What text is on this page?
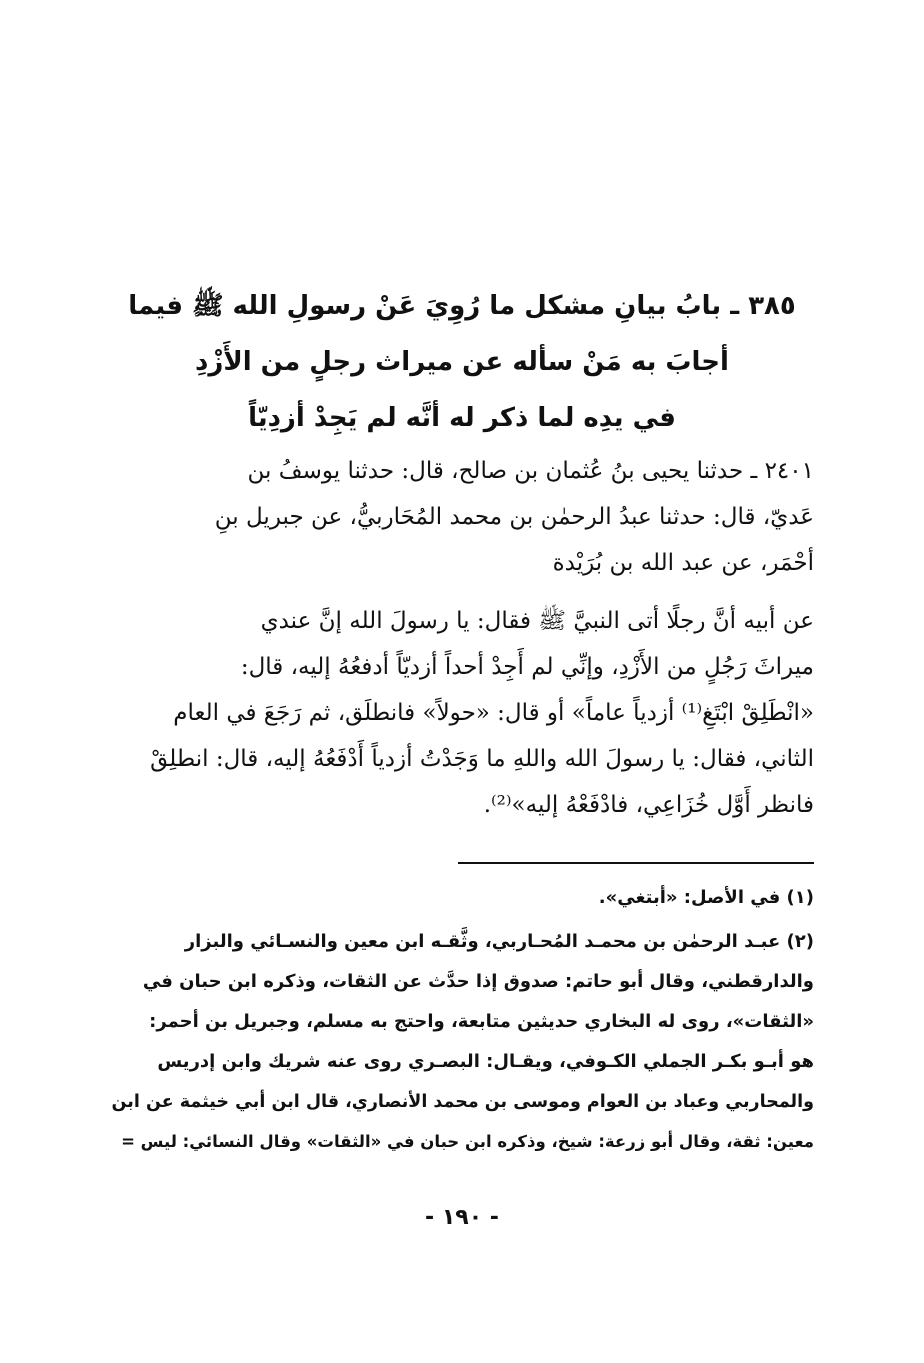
٣٨٥ ـ بابُ بيانِ مشكل ما رُوِيَ عَنْ رسولِ الله ﷺ فيما
أجابَ به مَنْ سأله عن ميراث رجلٍ من الأَزْدِ
في يدِه لما ذكر له أنَّه لم يَجِدْ أزدِيّاً

٢٤٠١ ـ حدثنا يحيى بنُ عُثمان بن صالح، قال: حدثنا يوسفُ بن
عَديّ، قال: حدثنا عبدُ الرحمٰن بن محمد المُحَاربيُّ، عن جبريل بنِ
أحْمَر، عن عبد الله بن بُرَيْدة

عن أبيه أنَّ رجلًا أتى النبيَّ ﷺ فقال: يا رسولَ الله إنَّ عندي
ميراثَ رَجُلٍ من الأَزْدِ، وإنِّي لم أَجِدْ أحداً أزديّاً أدفعُهُ إليه، قال:
«انْطَلِقْ ابْتَغِ⁽¹⁾ أزدياً عاماً» أو قال: «حولاً» فانطلَق، ثم رَجَعَ في العام
الثاني، فقال: يا رسولَ الله واللهِ ما وَجَدْتُ أزدياً أَدْفَعُهُ إليه، قال: انطلِقْ
فانظر أَوَّل خُزَاعِي، فادْفَعْهُ إليه»⁽²⁾.

(١) في الأصل: «أبتغي».

(٢) عبـد الرحمٰن بن محمـد المُحـاربي، وثَّقـه ابن معين والنسـائي والبزار
والدارقطني، وقال أبو حاتم: صدوق إذا حدَّث عن الثقات، وذكره ابن حبان في
«الثقات»، روى له البخاري حديثين متابعة، واحتج به مسلم، وجبريل بن أحمر:
هو أبـو بكـر الجملي الكـوفي، ويقـال: البصـري روى عنه شريك وابن إدريس
والمحاربي وعباد بن العوام وموسى بن محمد الأنصاري، قال ابن أبي خيثمة عن ابن
معين: ثقة، وقال أبو زرعة: شيخ، وذكره ابن حبان في «الثقات» وقال النسائي: ليس =

- ١٩٠ -
